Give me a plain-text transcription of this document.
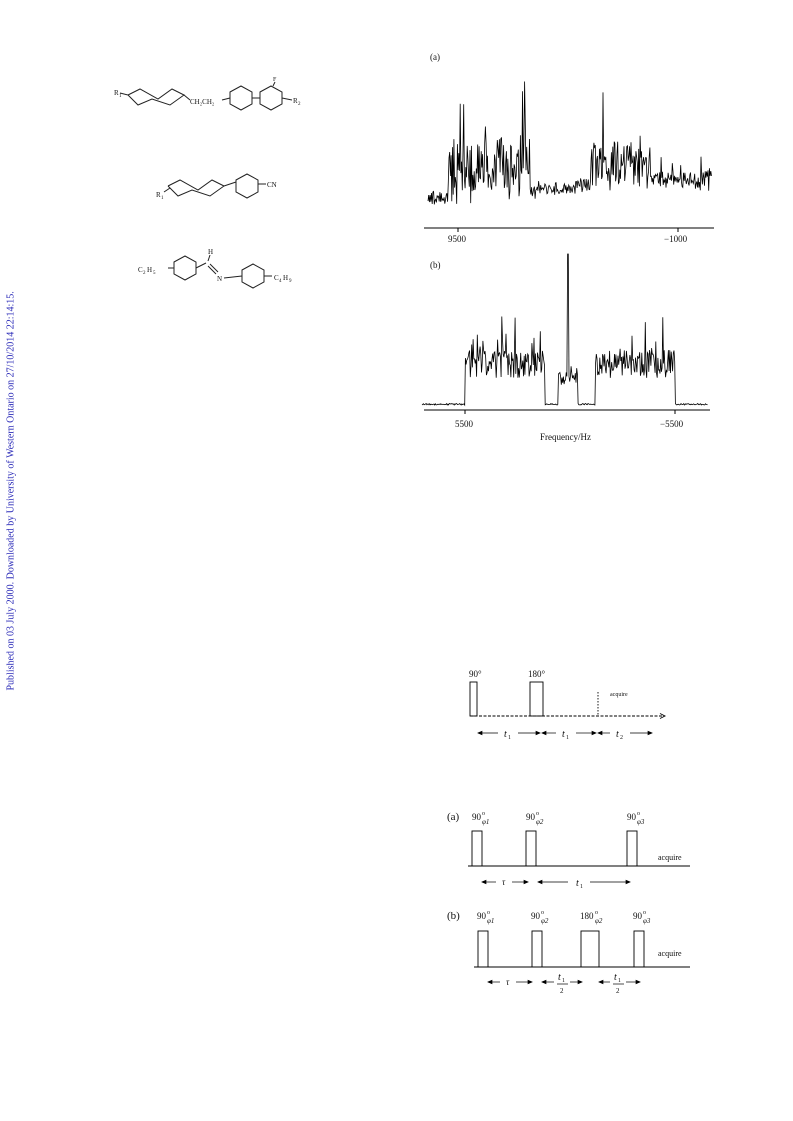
Published on 03 July 2000. Downloaded by University of Western Ontario on 27/10/2014 22:14:15.
R 1
CH₂CH₂
F
R 2
R 1
CN
C 2 H 5
H
N	C 4 H 9
(a)
9500	−1000
(b)
5500	−5500
Frequency/Hz
90°	180°
acquire
t 1	t 1	t 2
(a) 90 o
φ1	90 o
φ2	90 o
φ3
acquire
τ	t 1
(b) 90 o
φ1	90 o
φ2	180 o
φ2	90 o
φ3
acquire
τ	t 1
2
t 1
2
